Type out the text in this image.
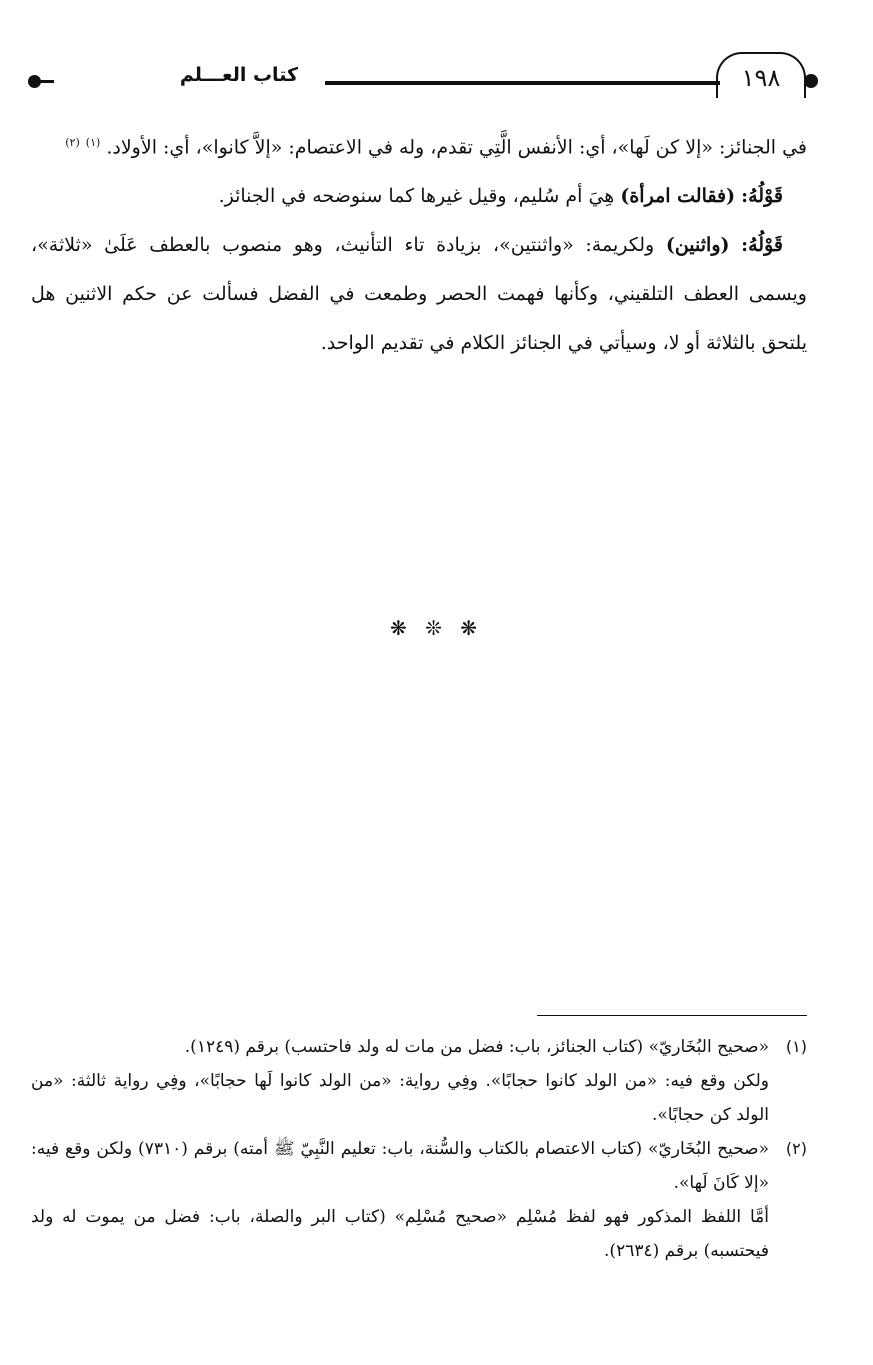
١٩٨
كتاب العـــلم

في الجنائز: «إلا كن لَها»، أي: الأنفس الَّتِي تقدم، وله في الاعتصام: «إلاَّ كانوا»، أي: الأولاد. $^{(١)}$ $^{(٢)}$

قَوْلُهُ: (فقالت امرأة) هِيَ أم سُليم، وقيل غيرها كما سنوضحه في الجنائز.

قَوْلُهُ: (واثنين) ولكريمة: «واثنتين»، بزيادة تاء التأنيث، وهو منصوب بالعطف عَلَىٰ «ثلاثة»، ويسمى العطف التلقيني، وكأنها فهمت الحصر وطمعت في الفضل فسألت عن حكم الاثنين هل يلتحق بالثلاثة أو لا، وسيأتي في الجنائز الكلام في تقديم الواحد.

❋ ❊ ❋
(١)

«صحيح البُخَاريّ» (كتاب الجنائز، باب: فضل من مات له ولد فاحتسب) برقم (١٢٤٩).

ولكن وقع فيه: «من الولد كانوا حجابًا». وفِي رواية: «من الولد كانوا لَها حجابًا»، وفِي رواية ثالثة: «من الولد كن حجابًا».

(٢)

«صحيح البُخَاريّ» (كتاب الاعتصام بالكتاب والسُّنة، باب: تعليم النَّبِيّ ﷺ أمته) برقم (٧٣١٠) ولكن وقع فيه: «إلا كَانَ لَها».

أمَّا اللفظ المذكور فهو لفظ مُسْلِم «صحيح مُسْلِم» (كتاب البر والصلة، باب: فضل من يموت له ولد فيحتسبه) برقم (٢٦٣٤).
